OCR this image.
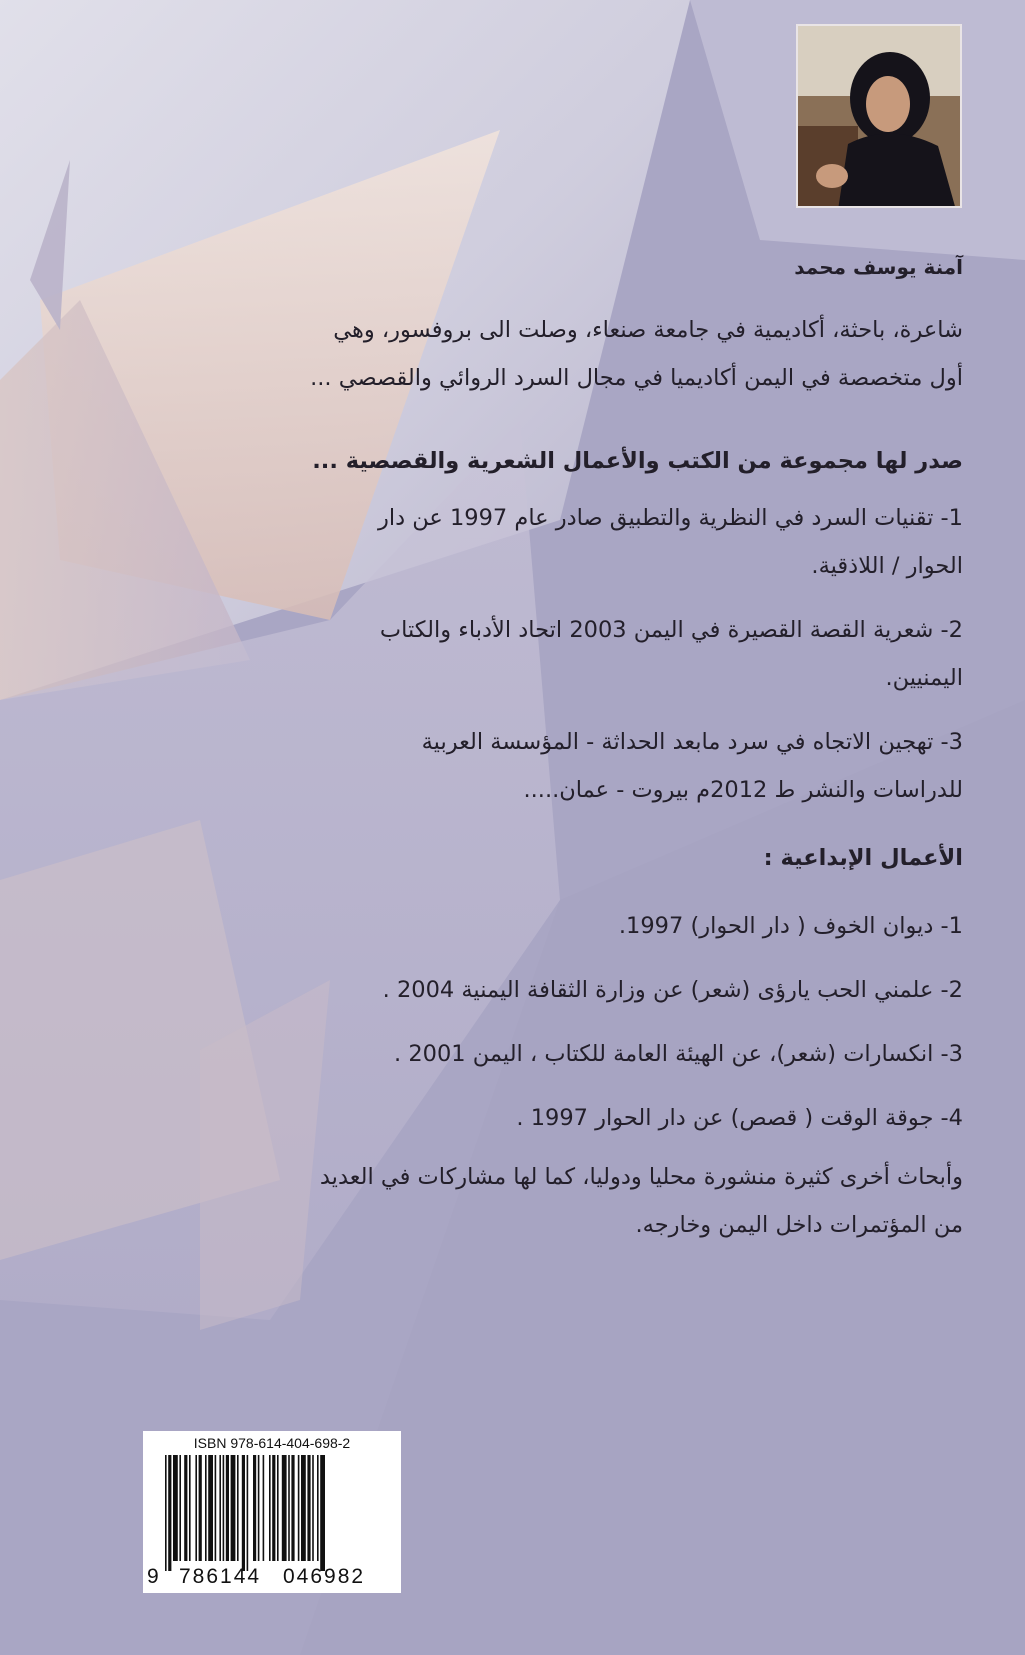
آمنة يوسف محمد
شاعرة، باحثة، أكاديمية في جامعة صنعاء، وصلت الى بروفسور، وهي
أول متخصصة في اليمن أكاديميا في مجال السرد الروائي والقصصي ...
صدر لها مجموعة من الكتب والأعمال الشعرية والقصصية ...
1- تقنيات السرد في النظرية والتطبيق صادر عام 1997 عن دار
الحوار / اللاذقية.
2- شعرية القصة القصيرة في اليمن 2003 اتحاد الأدباء والكتاب
اليمنيين.
3- تهجين الاتجاه في سرد مابعد الحداثة - المؤسسة العربية
للدراسات والنشر ط 2012م بيروت - عمان.....
الأعمال الإبداعية :
1- ديوان الخوف ( دار الحوار) 1997.
2- علمني الحب يارؤى (شعر) عن وزارة الثقافة اليمنية 2004 .
3- انكسارات (شعر)، عن الهيئة العامة للكتاب ، اليمن 2001 .
4- جوقة الوقت ( قصص) عن دار الحوار 1997 .
وأبحاث أخرى كثيرة منشورة محليا ودوليا، كما لها مشاركات في العديد
من المؤتمرات داخل اليمن وخارجه.
ISBN 978-614-404-698-2
9 786144 046982
